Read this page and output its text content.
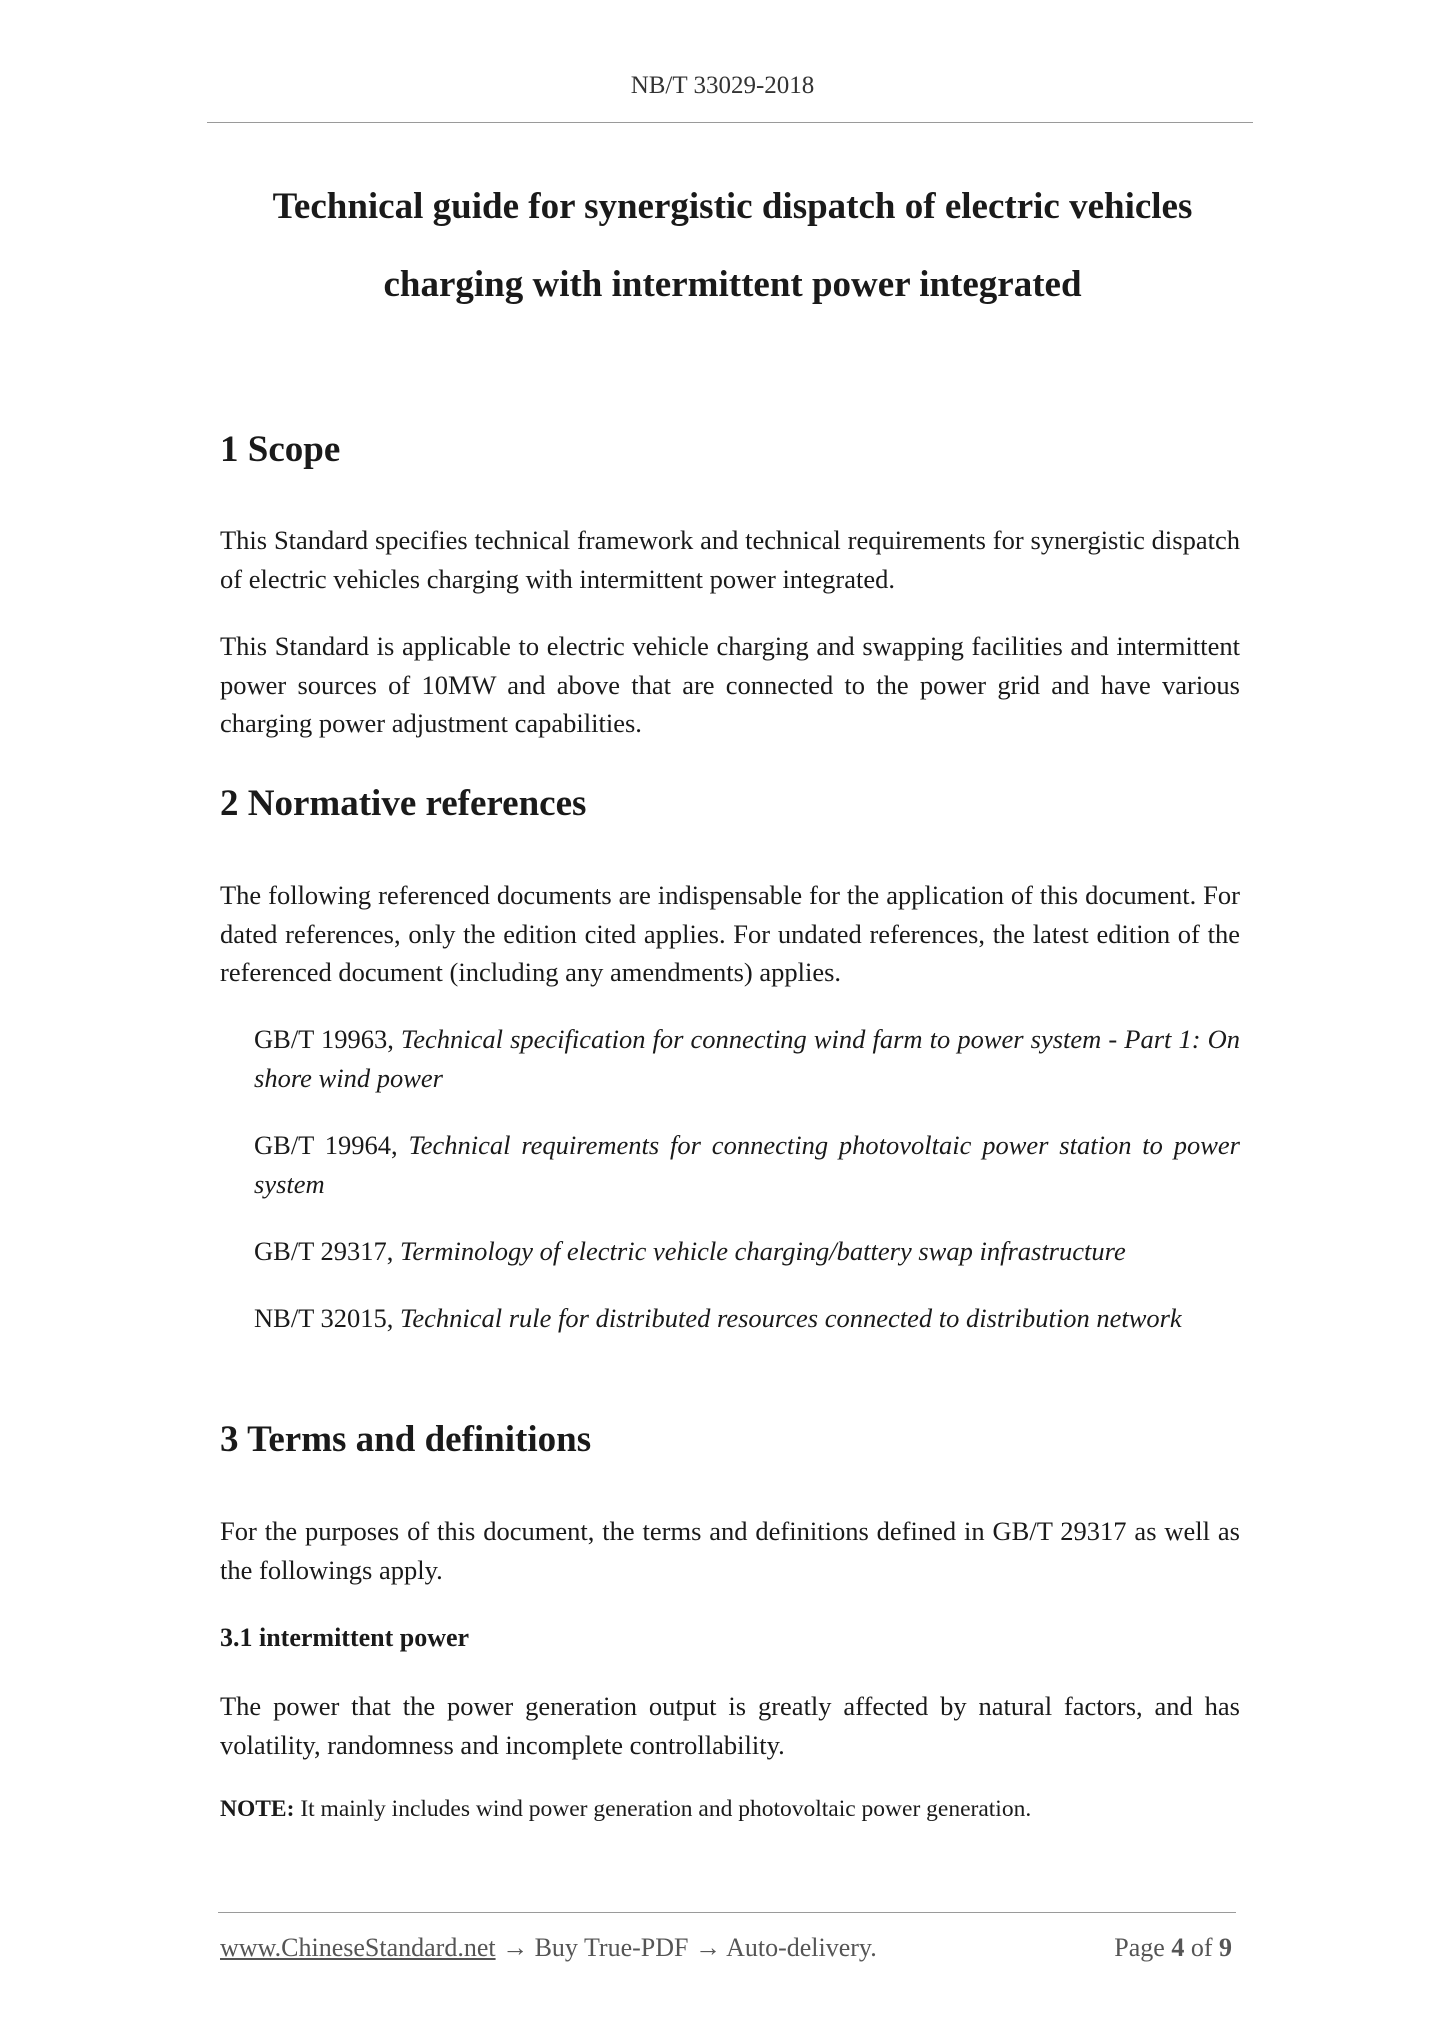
NB/T 33029-2018
Technical guide for synergistic dispatch of electric vehicles
charging with intermittent power integrated
1 Scope

This Standard specifies technical framework and technical requirements for synergistic dispatch of electric vehicles charging with intermittent power integrated.

This Standard is applicable to electric vehicle charging and swapping facilities and intermittent power sources of 10MW and above that are connected to the power grid and have various charging power adjustment capabilities.

2 Normative references

The following referenced documents are indispensable for the application of this document. For dated references, only the edition cited applies. For undated references, the latest edition of the referenced document (including any amendments) applies.

GB/T 19963, Technical specification for connecting wind farm to power system - Part 1: On shore wind power

GB/T 19964, Technical requirements for connecting photovoltaic power station to power system

GB/T 29317, Terminology of electric vehicle charging/battery swap infrastructure

NB/T 32015, Technical rule for distributed resources connected to distribution network

3 Terms and definitions

For the purposes of this document, the terms and definitions defined in GB/T 29317 as well as the followings apply.

3.1 intermittent power

The power that the power generation output is greatly affected by natural factors, and has volatility, randomness and incomplete controllability.

NOTE: It mainly includes wind power generation and photovoltaic power generation.

www.ChineseStandard.net → Buy True-PDF → Auto-delivery.	Page 4 of 9
